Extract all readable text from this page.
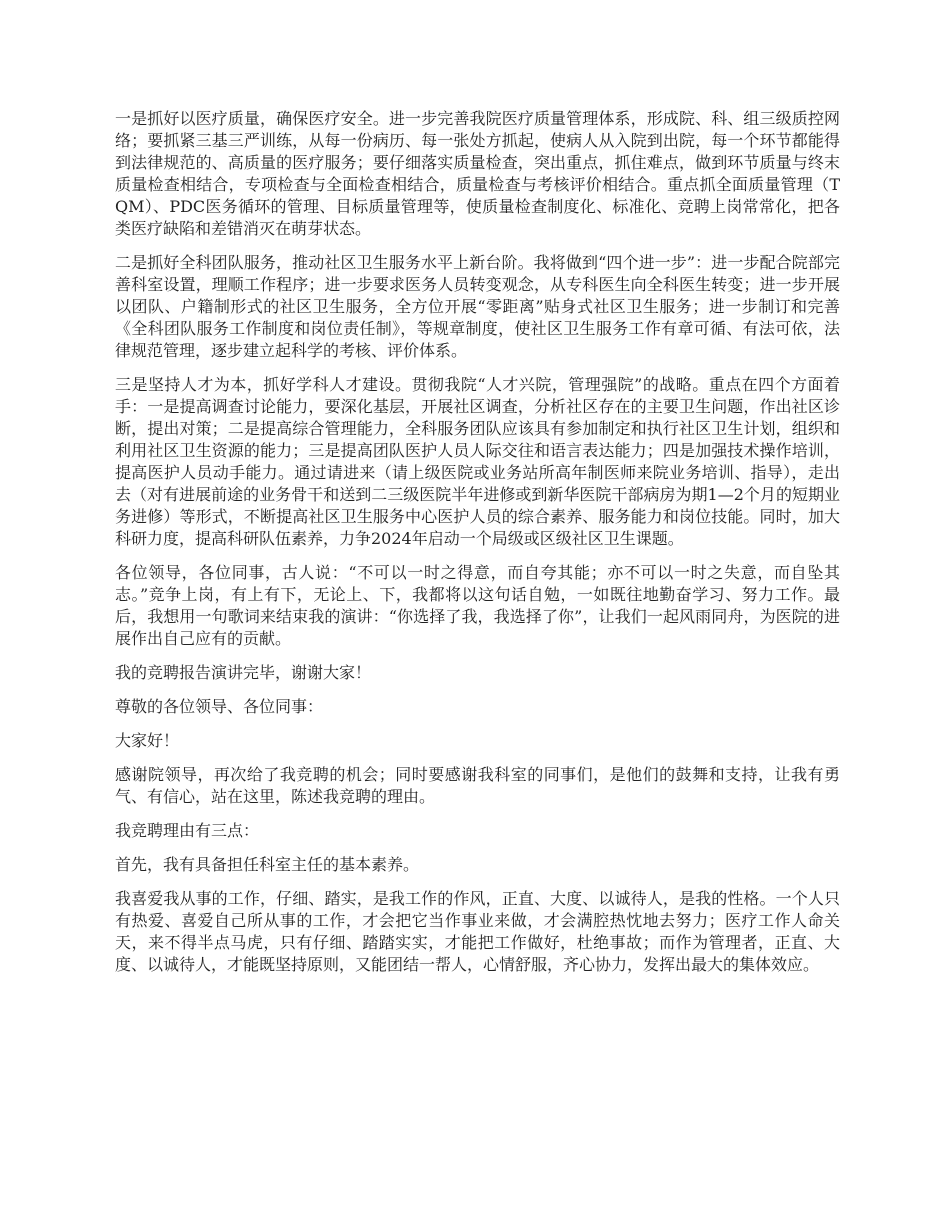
一是抓好以医疗质量，确保医疗安全。进一步完善我院医疗质量管理体系，形成院、科、组三级质控网络；要抓紧三基三严训练，从每一份病历、每一张处方抓起，使病人从入院到出院，每一个环节都能得到法律规范的、高质量的医疗服务；要仔细落实质量检查，突出重点，抓住难点，做到环节质量与终末质量检查相结合，专项检查与全面检查相结合，质量检查与考核评价相结合。重点抓全面质量管理（TQM）、PDC医务循环的管理、目标质量管理等，使质量检查制度化、标准化、竞聘上岗常常化，把各类医疗缺陷和差错消灭在萌芽状态。

二是抓好全科团队服务，推动社区卫生服务水平上新台阶。我将做到“四个进一步”：进一步配合院部完善科室设置，理顺工作程序；进一步要求医务人员转变观念，从专科医生向全科医生转变；进一步开展以团队、户籍制形式的社区卫生服务，全方位开展“零距离”贴身式社区卫生服务；进一步制订和完善《全科团队服务工作制度和岗位责任制》，等规章制度，使社区卫生服务工作有章可循、有法可依，法律规范管理，逐步建立起科学的考核、评价体系。

三是坚持人才为本，抓好学科人才建设。贯彻我院“人才兴院，管理强院”的战略。重点在四个方面着手：一是提高调查讨论能力，要深化基层，开展社区调查，分析社区存在的主要卫生问题，作出社区诊断，提出对策；二是提高综合管理能力，全科服务团队应该具有参加制定和执行社区卫生计划，组织和利用社区卫生资源的能力；三是提高团队医护人员人际交往和语言表达能力；四是加强技术操作培训，提高医护人员动手能力。通过请进来（请上级医院或业务站所高年制医师来院业务培训、指导），走出去（对有进展前途的业务骨干和送到二三级医院半年进修或到新华医院干部病房为期1—2个月的短期业务进修）等形式，不断提高社区卫生服务中心医护人员的综合素养、服务能力和岗位技能。同时，加大科研力度，提高科研队伍素养，力争2024年启动一个局级或区级社区卫生课题。

各位领导，各位同事，古人说：“不可以一时之得意，而自夸其能；亦不可以一时之失意，而自坠其志。”竞争上岗，有上有下，无论上、下，我都将以这句话自勉，一如既往地勤奋学习、努力工作。最后，我想用一句歌词来结束我的演讲：“你选择了我，我选择了你”，让我们一起风雨同舟，为医院的进展作出自己应有的贡献。

我的竞聘报告演讲完毕，谢谢大家！

尊敬的各位领导、各位同事：

大家好！

感谢院领导，再次给了我竞聘的机会；同时要感谢我科室的同事们，是他们的鼓舞和支持，让我有勇气、有信心，站在这里，陈述我竞聘的理由。

我竞聘理由有三点：

首先，我有具备担任科室主任的基本素养。

我喜爱我从事的工作，仔细、踏实，是我工作的作风，正直、大度、以诚待人，是我的性格。一个人只有热爱、喜爱自己所从事的工作，才会把它当作事业来做，才会满腔热忱地去努力；医疗工作人命关天，来不得半点马虎，只有仔细、踏踏实实，才能把工作做好，杜绝事故；而作为管理者，正直、大度、以诚待人，才能既坚持原则，又能团结一帮人，心情舒服，齐心协力，发挥出最大的集体效应。
